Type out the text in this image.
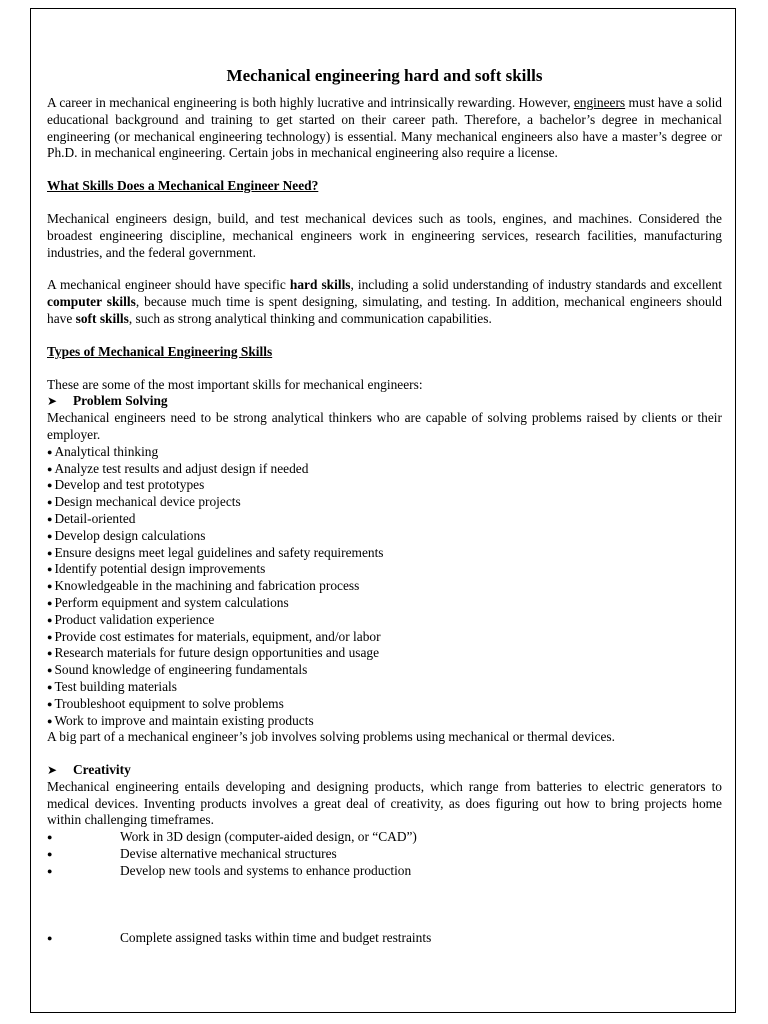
Mechanical engineering hard and soft skills

A career in mechanical engineering is both highly lucrative and intrinsically rewarding. However, engineers must have a solid educational background and training to get started on their career path. Therefore, a bachelor’s degree in mechanical engineering (or mechanical engineering technology) is essential. Many mechanical engineers also have a master’s degree or Ph.D. in mechanical engineering. Certain jobs in mechanical engineering also require a license.

What Skills Does a Mechanical Engineer Need?

Mechanical engineers design, build, and test mechanical devices such as tools, engines, and machines. Considered the broadest engineering discipline, mechanical engineers work in engineering services, research facilities, manufacturing industries, and the federal government.

A mechanical engineer should have specific hard skills, including a solid understanding of industry standards and excellent computer skills, because much time is spent designing, simulating, and testing. In addition, mechanical engineers should have soft skills, such as strong analytical thinking and communication capabilities.

Types of Mechanical Engineering Skills

These are some of the most important skills for mechanical engineers:

➤	Problem Solving

Mechanical engineers need to be strong analytical thinkers who are capable of solving problems raised by clients or their employer.

● Analytical thinking
● Analyze test results and adjust design if needed
● Develop and test prototypes
● Design mechanical device projects
● Detail-oriented
● Develop design calculations
● Ensure designs meet legal guidelines and safety requirements
● Identify potential design improvements
● Knowledgeable in the machining and fabrication process
● Perform equipment and system calculations
● Product validation experience
● Provide cost estimates for materials, equipment, and/or labor
● Research materials for future design opportunities and usage
● Sound knowledge of engineering fundamentals
● Test building materials
● Troubleshoot equipment to solve problems
● Work to improve and maintain existing products

A big part of a mechanical engineer’s job involves solving problems using mechanical or thermal devices.

➤	Creativity

Mechanical engineering entails developing and designing products, which range from batteries to electric generators to medical devices. Inventing products involves a great deal of creativity, as does figuring out how to bring projects home within challenging timeframes.

●	Work in 3D design (computer-aided design, or “CAD”)
●	Devise alternative mechanical structures
●	Develop new tools and systems to enhance production
●	Complete assigned tasks within time and budget restraints
